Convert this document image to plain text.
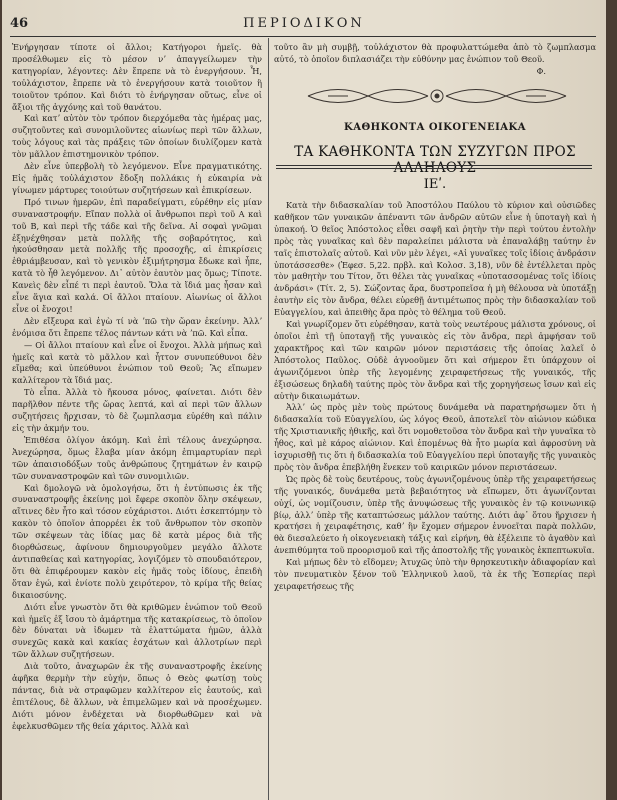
46	ΠΕΡΙΟΔΙΚΟΝ

Ἐνήργησαν τίποτε οἱ ἄλλοι; Κατήγοροι ἡμεῖς. θὰ προσέλθωμεν εἰς τὸ μέσον νʼ ἀπαγγείλωμεν τὴν κατηγορίαν, λέγοντες: Δὲν ἔπρεπε νὰ τὸ ἐνεργήσουν. Ἦ, τοὐλάχιστον, ἔπρεπε νὰ τὸ ἐνεργήσουν κατὰ τοιοῦτον ἢ τοιοῦτον τρόπον. Καὶ διότι τὸ ἐνήργησαν οὕτως, εἶνε οἱ ἄξιοι τῆς ἀγχόνης καὶ τοῦ θανάτου.

Καὶ κατʼ αὐτὸν τὸν τρόπον διερχόμεθα τὰς ἡμέρας μας, συζητοῦντες καὶ συνομιλοῦντες αἰωνίως περὶ τῶν ἄλλων, τοὺς λόγους καὶ τὰς πράξεις τῶν ὁποίων διυλίζομεν κατὰ τὸν μᾶλλον ἐπιστημονικὸν τρόπον.

Δὲν εἶνε ὑπερβολὴ τὸ λεγόμενον. Εἶνε πραγματικότης. Εἰς ἡμᾶς τοὐλάχιστον ἔδοξη πολλάκις ἡ εὐκαιρία νὰ γίνωμεν μάρτυρες τοιούτων συζητήσεων καὶ ἐπικρίσεων.

Πρό τινων ἡμερῶν, ἐπὶ παραδείγματι, εὑρέθην εἰς μίαν συναναστροφήν. Εἴπαν πολλὰ οἱ ἄνθρωποι περὶ τοῦ Α καὶ τοῦ Β, καὶ περὶ τῆς τάδε καὶ τῆς δεῖνα. Αἱ σοφαὶ γνῶμαι ἐξηνέχθησαν μετὰ πολλῆς τῆς σοβαρότητος, καὶ ἠκούσθησαν μετὰ πολλῆς τῆς προσοχῆς, αἱ ἐπικρίσεις ἐθριάμβευσαν, καὶ τὸ γενικὸν ἐξιμήτρησμα ἔδωκε καὶ ἦπε, κατὰ τὸ ἦθ λεγόμενον. Δι᾽ αὐτὸν ἑαυτὸν μας ὅμως; Τίποτε. Κανεὶς δὲν εἶπέ τι περὶ ἑαυτοῦ. Ὅλα τὰ ἴδιά μας ἦσαν καὶ εἶνε ἅγια καὶ καλά. Οἱ ἄλλοι πταίουν. Αἰωνίως οἱ ἄλλοι εἶνε οἱ ἔνοχοι!

Δὲν εἴξευρα καὶ ἐγὼ τί νὰ ʼπῶ τὴν ὥραν ἐκείνην. Ἀλλʼ ἐνόμισα ὅτι ἔπρεπε τέλος πάντων κάτι νὰ ʼπῶ. Καὶ εἶπα.

— Οἱ ἄλλοι πταίουν καὶ εἶνε οἱ ἔνοχοι. Ἀλλὰ μήπως καὶ ἡμεῖς καὶ κατὰ τὸ μᾶλλον καὶ ἧττον συνυπεύθυνοι δὲν εἴμεθα; καὶ ὑπεύθυνοι ἐνώπιον τοῦ Θεοῦ; Ἂς εἴπωμεν καλλίτερον τὰ ἴδιά μας.

Τὸ εἶπα. Ἀλλὰ τὸ ἤκουσα μόνος, φαίνεται. Διότι δὲν παρῆλθον πέντε τῆς ὥρας λεπτά, καὶ αἱ περὶ τῶν ἄλλων συζητήσεις ἤρχισαν, τὸ δὲ ζωμπλασμα εὑρέθη καὶ πάλιν εἰς τὴν ἀκμήν του.

Ἐπιθέσα ὀλίγον ἀκόμη. Καὶ ἐπὶ τέλους ἀνεχώρησα. Ἀνεχώρησα, ὅμως ἔλαβα μίαν ἀκόμη ἐπιμαρτυρίαν περὶ τῶν ἀπαισιοδόξων τοῦς ἀνθρώπους ζητημάτων ἐν καιρῷ τῶν συναναστροφῶν καὶ τῶν συνομιλιῶν.

Καὶ δμολογῶ νὰ ὁμολογήσω, ὅτι ἡ ἐντύπωσις ἐκ τῆς συναναστροφῆς ἐκείνης μοὶ ἔφερε σκοπὸν ὅλην σκέψεων, αἵτινες δὲν ἦτο καὶ τόσον εὐχάριστοι. Διότι ἐσκεπτόμην τὸ κακὸν τὸ ὁποῖον ἀπορρέει ἐκ τοῦ ἄνθρωπον τὸν σκοπὸν τῶν σκέψεων τὰς ἰδίας μας δὲ κατὰ μέρος διὰ τῆς διορθώσεως, ἀφίνουν δημιουργοῦμεν μεγάλο ἄλλοτε ἀντιπαθείας καὶ κατηγορίας, λογιζόμεν τὸ σπουδαιότερον, ὅτι θὰ ἐπιφέρουμεν κακὸν εἰς ἡμᾶς τοὺς ἰδίους, ἐπειδὴ ὅταν ἐγώ, καὶ ἐνίοτε πολὺ χειρότερον, τὸ κρίμα τῆς θείας δικαιοσύνης.

Διότι εἶνε γνωστὸν ὅτι θὰ κριθῶμεν ἐνώπιον τοῦ Θεοῦ καὶ ἡμεῖς ἐξ ἴσου τὸ ἀμάρτημα τῆς κατακρίσεως, τὸ ὁποῖον δὲν δύναται νὰ ἰδωμεν τὰ ἐλαττώματα ἡμῶν, ἀλλὰ συνεχῶς κακὰ καὶ κακίας ἐσχάτων καὶ ἀλλοτρίων περὶ τῶν ἄλλων συζητήσεων.

Διὰ τοῦτο, ἀναχωρῶν ἐκ τῆς συναναστροφῆς ἐκείνης ἀφῆκα θερμὴν τὴν εὐχήν, ὅπως ὁ Θεὸς φωτίσῃ τοὺς πάντας, διὰ νὰ στραφῶμεν καλλίτερον εἰς ἑαυτούς, καὶ ἐπιτέλους, δὲ ἄλλων, νὰ ἐπιμελῶμεν καὶ νὰ προσέχωμεν. Διότι μόνον ἐνδέχεται νὰ διορθωθῶμεν καὶ νὰ ἐφελκυσθῶμεν τῆς θεία χάριτος. Ἀλλὰ καὶ

τοῦτο ἂν μὴ συμβῇ, τοὐλάχιστον θὰ προφυλαττώμεθα ἀπὸ τὸ ζωμπλασμα αὐτό, τὸ ὁποῖον διπλασιάζει τὴν εὐθύνην μας ἐνώπιον τοῦ Θεοῦ.

Φ.

ΚΑΘΗΚΟΝΤΑ ΟΙΚΟΓΕΝΕΙΑΚΑ
ΤΑ ΚΑΘΗΚΟΝΤΑ ΤΩΝ ΣΥΖΥΓΩΝ ΠΡΟΣ ΑΛΛΗΛΟΥΣ
ΙΕʹ.

Κατὰ τὴν διδασκαλίαν τοῦ Ἀποστόλου Παύλου τὸ κύριον καὶ οὐσιῶδες καθῆκον τῶν γυναικῶν ἀπέναντι τῶν ἀνδρῶν αὐτῶν εἶνε ἡ ὑποταγὴ καὶ ἡ ὑπακοή. Ὁ θεῖος Ἀπόστολος εἶθει σαφῆ καὶ ῥητὴν τὴν περὶ τούτου ἐντολὴν πρὸς τὰς γυναῖκας καὶ δὲν παραλείπει μάλιστα νὰ ἐπαναλάβῃ ταύτην ἐν ταῖς ἐπιστολαῖς αὐτοῦ. Καὶ νῦν μὲν λέγει, «Αἱ γυναῖκες τοῖς ἰδίοις ἀνδράσιν ὑποτάσσεσθε» (Ἐφεσ. 5,22. πρβλ. καὶ Κολοσ. 3,18), νῦν δὲ ἐντέλλεται πρὸς τὸν μαθητὴν του Τίτον, ὅτι θέλει τὰς γυναῖκας «ὑποτασσομένας τοῖς ἰδίοις ἀνδράσι» (Τίτ. 2, 5). Σώζοντας ἄρα, δυστροπεῖσα ἡ μὴ θέλουσα νὰ ὑποτάξῃ ἑαυτὴν εἰς τὸν ἄνδρα, θέλει εὑρεθῇ ἀντιμέτωπος πρὸς τὴν διδασκαλίαν τοῦ Εὐαγγελίου, καὶ ἀπειθὴς ἄρα πρὸς τὸ θέλημα τοῦ Θεοῦ.

Καὶ γνωρίζομεν ὅτι εὑρέθησαν, κατὰ τοὺς νεωτέρους μάλιστα χρόνους, οἱ ὁποῖοι ἐπὶ τῇ ὑποταγῇ τῆς γυναικὸς εἰς τὸν ἄνδρα, περὶ ἀμφήσαν τοῦ χαρακτῆρος καὶ τῶν καιρῶν μόνον περιστάσεις τῆς ὁποίας λαλεῖ ὁ Ἀπόστολος Παῦλος. Οὐδὲ ἀγνοοῦμεν ὅτι καὶ σήμερον ἔτι ὑπάρχουν οἱ ἀγωνιζόμενοι ὑπὲρ τῆς λεγομένης χειραφετήσεως τῆς γυναικός, τῆς ἐξισώσεως δηλαδὴ ταύτης πρὸς τὸν ἄνδρα καὶ τῆς χορηγήσεως ἴσων καὶ εἰς αὐτὴν δικαιωμάτων.

Ἀλλʼ ὡς πρὸς μὲν τοὺς πρώτους δυνάμεθα νὰ παρατηρήσωμεν ὅτι ἡ διδασκαλία τοῦ Εὐαγγελίου, ὡς λόγος Θεοῦ, ἀποτελεῖ τὸν αἰώνιον κώδικα τῆς Χριστιανικῆς ἠθικῆς, καὶ ὅτι νομοθετοῦσα τὸν ἄνδρα καὶ τὴν γυναῖκα τὸ ἦθος, καὶ μὲ κάρος αἰώνιον. Καὶ ἑπομένως θὰ ἦτο μωρία καὶ ἀφροσύνη νὰ ἰσχυρισθῇ τις ὅτι ἡ διδασκαλία τοῦ Εὐαγγελίου περὶ ὑποταγῆς τῆς γυναικὸς πρὸς τὸν ἄνδρα ἐπεβλήθη ἕνεκεν τοῦ καιρικῶν μόνον περιστάσεων.

Ὡς πρὸς δὲ τοὺς δευτέρους, τοὺς ἀγωνιζομένους ὑπὲρ τῆς χειραφετήσεως τῆς γυναικός, δυνάμεθα μετὰ βεβαιότητος νὰ εἴπωμεν, ὅτι ἀγωνίζονται οὐχί, ὡς νομίζουσιν, ὑπὲρ τῆς ἀνυψώσεως τῆς γυναικὸς ἐν τῷ κοινωνικῷ βίῳ, ἀλλʼ ὑπὲρ τῆς καταπτώσεως μάλλον ταύτης. Διότι ἀφ᾽ ὅτου ἤρχισεν ἡ κρατήσει ἡ χειραφέτησις, καθʼ ἣν ἔχομεν σήμερον ἐννοεῖται παρὰ πολλῶν, θὰ διεσαλεύετο ἡ οἰκογενειακὴ τάξις καὶ εἰρήνη, θὰ ἐξέλειπε τὸ ἀγαθὸν καὶ ἀνεπιθύμητα τοῦ προορισμοῦ καὶ τῆς ἀποστολῆς τῆς γυναικὸς ἐκπεπτωκυῖα.

Καὶ μήπως δὲν τὸ εἴδομεν; Ἀτυχῶς ὑπὸ τὴν θρησκευτικὴν ἀδιαφορίαν καὶ τὸν πνευματικὸν ξένον τοῦ Ἑλληνικοῦ λαοῦ, τὰ ἐκ τῆς Ἑσπερίας περὶ χειραφετήσεως τῆς
